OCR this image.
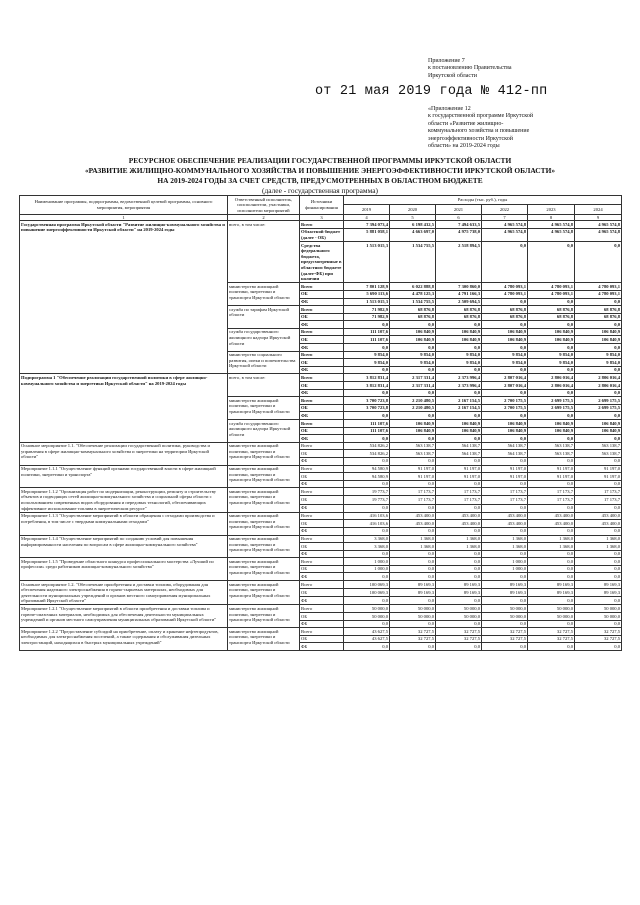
Приложение 7
к постановлению Правительства
Иркутской области
от 21 мая 2019 года № 412-пп
«Приложение 12
к государственной программе Иркутской
области «Развитие жилищно-
коммунального хозяйства и повышение
энергоэффективности Иркутской
области» на 2019-2024 годы
РЕСУРСНОЕ ОБЕСПЕЧЕНИЕ РЕАЛИЗАЦИИ ГОСУДАРСТВЕННОЙ ПРОГРАММЫ ИРКУТСКОЙ ОБЛАСТИ
«РАЗВИТИЕ ЖИЛИЩНО-КОММУНАЛЬНОГО ХОЗЯЙСТВА И ПОВЫШЕНИЕ ЭНЕРГОЭФФЕКТИВНОСТИ ИРКУТСКОЙ ОБЛАСТИ»
НА 2019-2024 ГОДЫ ЗА СЧЕТ СРЕДСТВ, ПРЕДУСМОТРЕННЫХ В ОБЛАСТНОМ БЮДЖЕТЕ
(далее - государственная программа)
Наименование программы, подпрограммы, ведомственной целевой программы, основного мероприятия, мероприятия	Ответственный исполнитель, соисполнители, участники, исполнители мероприятий	Источники финансирования	Расходы (тыс. руб.), годы					
			2019	2020	2021	2022	2023	2024
1	2	3	4	5	6	7	8	9
Государственная программа Иркутской области "Развитие жилищно-коммунального хозяйства и повышение энергоэффективности Иркутской области" на 2019-2024 годы	всего, в том числе:	Всего	7 394 073,4	6 198 432,5	7 494 633,5	4 965 574,8	4 965 574,8	4 965 574,8
		Областной бюджет (далее - ОБ)	5 881 058,1	4 663 697,0	4 975 738,0	4 965 574,8	4 965 574,8	4 965 574,8
		Средства федерального бюджета, предусмотренные в областном бюджете (далее-ФБ) при наличии	1 513 015,3	1 534 755,5	2 518 894,5	0,0	0,0	0,0
	министерство жилищной политики, энергетики и транспорта Иркутской области	Всего	7 801 128,9	6 022 888,8	7 300 860,0	4 780 093,1	4 780 093,1	4 780 093,1
		ОБ	5 690 113,6	4 478 125,3	4 791 166,3	4 780 093,1	4 780 093,1	4 780 093,1
		ФБ	1 513 015,3	1 534 755,5	2 509 694,5	0,0	0,0	0,0
	служба по тарифам Иркутской области	Всего	71 982,9	68 876,8	68 876,8	68 876,8	68 876,8	68 876,8
		ОБ	71 982,9	68 876,8	68 876,8	68 876,8	68 876,8	68 876,8
		ФБ	0,0	0,0	0,0	0,0	0,0	0,0
	служба государственного жилищного надзора Иркутской области	Всего	111 107,6	106 840,9	106 840,9	106 840,9	106 840,9	106 840,9
		ОБ	111 107,6	106 840,9	106 840,9	106 840,9	106 840,9	106 840,9
		ФБ	0,0	0,0	0,0	0,0	0,0	0,0
	министерство социального развития, опеки и попечительства Иркутской области	Всего	9 854,0	9 854,0	9 854,0	9 854,0	9 854,0	9 854,0
		ОБ	9 854,0	9 854,0	9 854,0	9 854,0	9 854,0	9 854,0
		ФБ	0,0	0,0	0,0	0,0	0,0	0,0
Подпрограмма 1 "Обеспечение реализации государственной политики в сфере жилищно-коммунального хозяйства и энергетики Иркутской области" на 2019-2024 годы	всего, в том числе:	Всего	3 812 831,4	2 317 331,4	2 373 996,4	2 807 016,4	2 806 016,4	2 806 016,4
		ОБ	3 812 831,4	2 317 331,4	2 373 996,4	2 807 016,4	2 806 016,4	2 806 016,4
		ФБ	0,0	0,0	0,0	0,0	0,0	0,0
	министерство жилищной политики, энергетики и транспорта Иркутской области	Всего	3 700 723,8	2 210 480,5	2 167 154,5	2 700 175,5	2 699 175,5	2 699 175,5
		ОБ	3 700 723,8	2 210 480,5	2 167 154,5	2 700 175,5	2 699 175,5	2 699 175,5
		ФБ	0,0	0,0	0,0	0,0	0,0	0,0
	служба государственного жилищного надзора Иркутской области	Всего	111 107,6	106 840,9	106 840,9	106 840,9	106 840,9	106 840,9
		ОБ	111 107,6	106 840,9	106 840,9	106 840,9	106 840,9	106 840,9
		ФБ	0,0	0,0	0,0	0,0	0,0	0,0
Основное мероприятие 1.1. "Обеспечение реализации государственной политики, руководства и управления в сфере жилищно-коммунального хозяйства и энергетики на территории Иркутской области"	министерство жилищной политики, энергетики и транспорта Иркутской области	Всего	534 826,2	563 138,7	564 138,7	564 138,7	563 138,7	563 138,7
		ОБ	534 826,2	563 138,7	564 138,7	564 138,7	563 138,7	563 138,7
		ФБ	0,0	0,0	0,0	0,0	0,0	0,0
Мероприятие 1.1.1 "Осуществление функций органами государственной власти в сфере жилищной политики, энергетики и транспорта"	министерство жилищной политики, энергетики и транспорта Иркутской области	Всего	94 580,9	91 197,0	91 197,0	91 197,0	91 197,0	91 197,0
		ОБ	94 580,9	91 197,0	91 197,0	91 197,0	91 197,0	91 197,0
		ФБ	0,0	0,0	0,0	0,0	0,0	0,0
Мероприятие 1.1.2 "Организация работ по модернизации, реконструкции, ремонту и строительству объектов и подводящих сетей жилищно-коммунального хозяйства и социальной сферы области с использованием современных видов оборудования и передовых технологий, обеспечивающих эффективное использование топлива в энергетическом ресурсе"	министерство жилищной политики, энергетики и транспорта Иркутской области	Всего	19 773,7	17 173,7	17 173,7	17 173,7	17 173,7	17 173,7
		ОБ	19 773,7	17 173,7	17 173,7	17 173,7	17 173,7	17 173,7
		ФБ	0,0	0,0	0,0	0,0	0,0	0,0
Мероприятие 1.1.3 "Осуществление мероприятий в области обращения с отходами производства и потребления, в том числе с твердыми коммунальными отходами"	министерство жилищной политики, энергетики и транспорта Иркутской области	Всего	416 103,6	453 400,0	453 400,0	453 400,0	453 400,0	453 400,0
		ОБ	416 103,6	453 400,0	453 400,0	453 400,0	453 400,0	453 400,0
		ФБ	0,0	0,0	0,0	0,0	0,0	0,0
Мероприятие 1.1.4 "Осуществление мероприятий по созданию условий для повышения информированности населения по вопросам в сфере жилищно-коммунального хозяйства"	министерство жилищной политики, энергетики и транспорта Иркутской области	Всего	3 368,0	1 368,0	1 368,0	1 368,0	1 368,0	1 368,0
		ОБ	3 368,0	1 368,0	1 368,0	1 368,0	1 368,0	1 368,0
		ФБ	0,0	0,0	0,0	0,0	0,0	0,0
Мероприятие 1.1.5 "Проведение областного конкурса профессионального мастерства «Лучший по профессии» среди работников жилищно-коммунального хозяйства"	министерство жилищной политики, энергетики и транспорта Иркутской области	Всего	1 000,0	0,0	0,0	1 000,0	0,0	0,0
		ОБ	1 000,0	0,0	0,0	1 000,0	0,0	0,0
		ФБ	0,0	0,0	0,0	0,0	0,0	0,0
Основное мероприятие 1.2. "Обеспечение приобретения и доставки топлива, оборудования для обеспечения надежного электроснабжения в горячо-сырьевых материалах, необходимых для деятельности муниципальных учреждений и органов местного самоуправления муниципальных образований Иркутской области"	министерство жилищной политики, энергетики и транспорта Иркутской области	Всего	100 069,3	89 169,3	89 169,3	89 169,3	89 169,3	89 169,3
		ОБ	100 069,3	89 169,3	89 169,3	89 169,3	89 169,3	89 169,3
		ФБ	0,0	0,0	0,0	0,0	0,0	0,0
Мероприятие 1.2.1 "Осуществление мероприятий в области приобретения и доставки топлива и горюче-смазочных материалов, необходимых для обеспечения деятельности муниципальных учреждений и органов местного самоуправления муниципальных образований Иркутской области"	министерство жилищной политики, энергетики и транспорта Иркутской области	Всего	50 000,0	50 000,0	50 000,0	50 000,0	50 000,0	50 000,0
		ОБ	50 000,0	50 000,0	50 000,0	50 000,0	50 000,0	50 000,0
		ФБ	0,0	0,0	0,0	0,0	0,0	0,0
Мероприятие 1.2.2 "Предоставление субсидий на приобретение, оплату и хранение нефтепродуктов, необходимых для электроснабжения поселений, а также содержания и обслуживания дизельных электростанций, находящихся в быстрых муниципальных учреждений"	министерство жилищной политики, энергетики и транспорта Иркутской области	Всего	43 627,5	32 727,5	32 727,5	32 727,5	32 727,5	32 727,5
		ОБ	43 627,5	32 727,5	32 727,5	32 727,5	32 727,5	32 727,5
		ФБ	0,0	0,0	0,0	0,0	0,0	0,0
